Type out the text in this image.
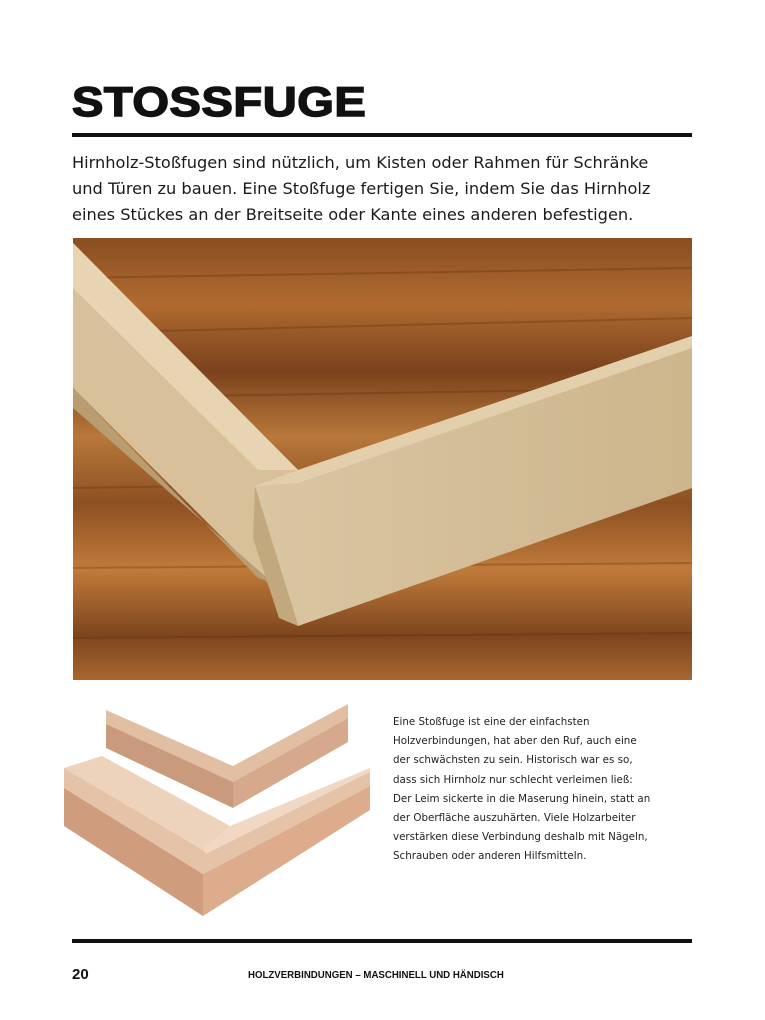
STOSSFUGE
Hirnholz-Stoßfugen sind nützlich, um Kisten oder Rahmen für Schränke
und Türen zu bauen. Eine Stoßfuge fertigen Sie, indem Sie das Hirnholz
eines Stückes an der Breitseite oder Kante eines anderen befestigen.
Eine Stoßfuge ist eine der einfachsten
Holzverbindungen, hat aber den Ruf, auch eine
der schwächsten zu sein. Historisch war es so,
dass sich Hirnholz nur schlecht verleimen ließ:
Der Leim sickerte in die Maserung hinein, statt an
der Oberfläche auszuhärten. Viele Holzarbeiter
verstärken diese Verbindung deshalb mit Nägeln,
Schrauben oder anderen Hilfsmitteln.
20	HOLZVERBINDUNGEN – MASCHINELL UND HÄNDISCH
